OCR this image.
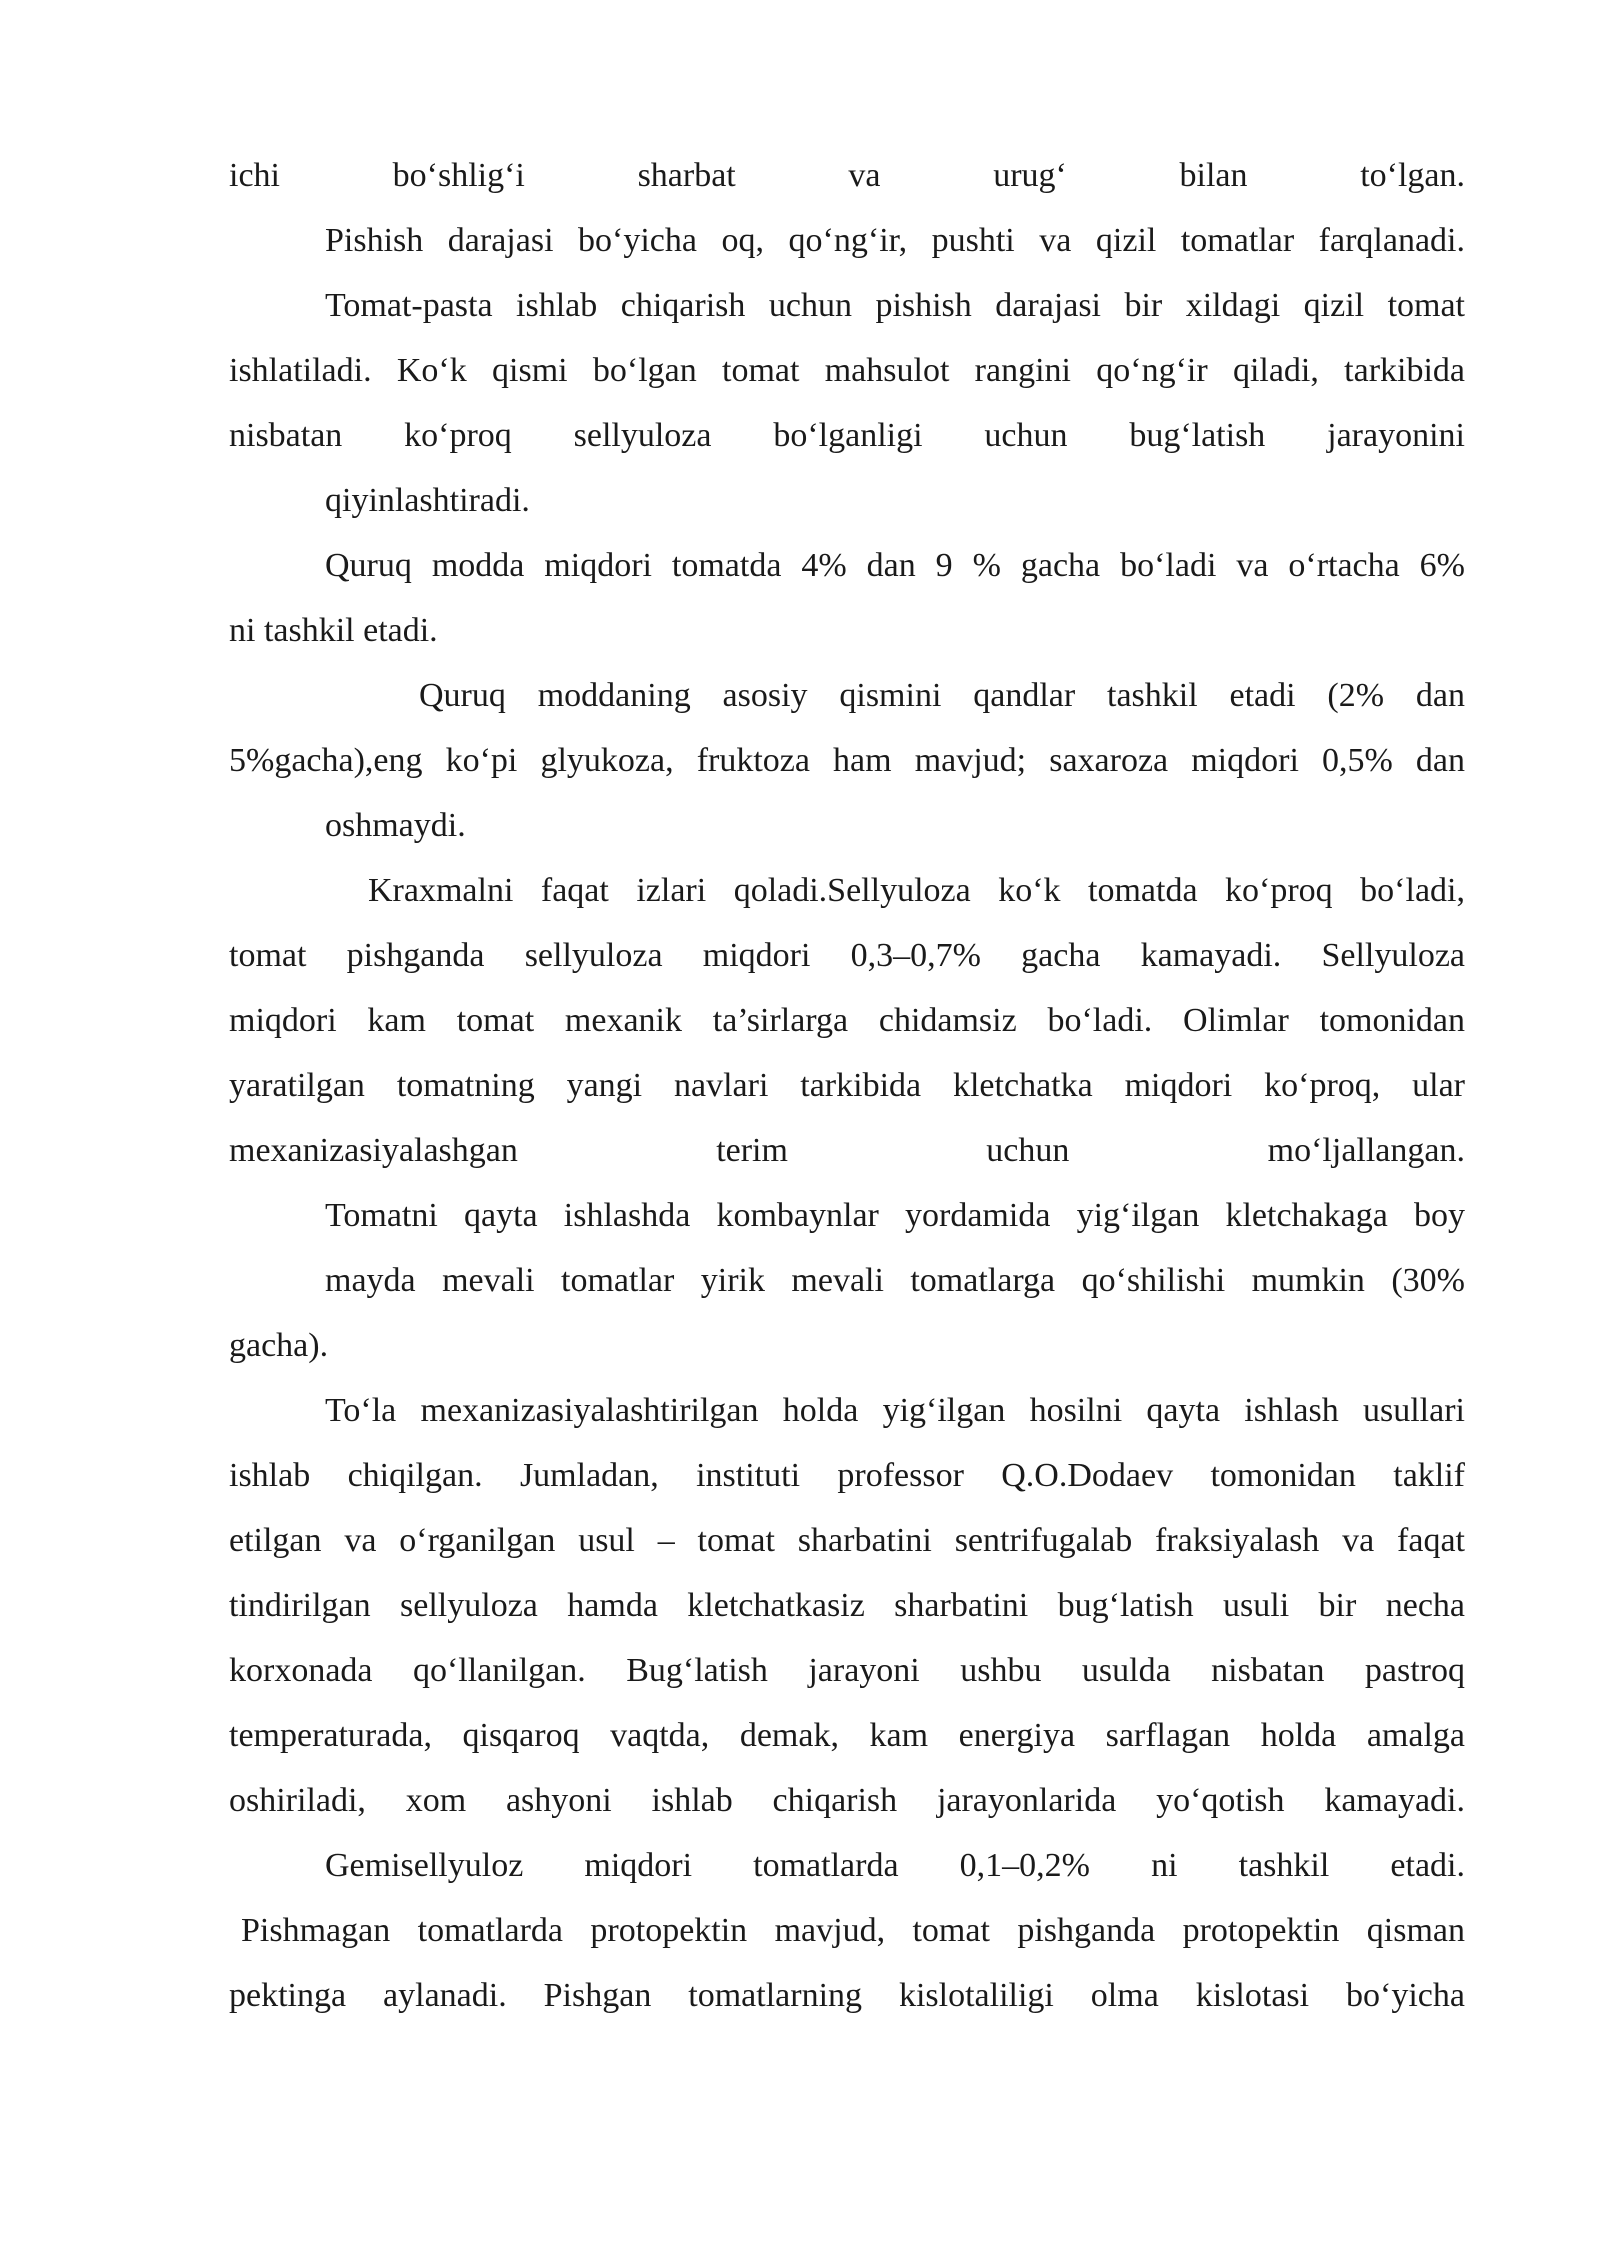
ichi bo‘shlig‘i sharbat va urug‘ bilan to‘lgan.
Pishish darajasi bo‘yicha oq, qo‘ng‘ir, pushti va qizil tomatlar farqlanadi.
Tomat-pasta ishlab chiqarish uchun pishish darajasi bir xildagi qizil tomat
ishlatiladi. Ko‘k qismi bo‘lgan tomat mahsulot rangini qo‘ng‘ir qiladi, tarkibida
nisbatan ko‘proq sellyuloza bo‘lganligi uchun bug‘latish jarayonini
qiyinlashtiradi.
Quruq modda miqdori tomatda 4% dan 9 % gacha bo‘ladi va o‘rtacha 6%
ni tashkil etadi.
Quruq moddaning asosiy qismini qandlar tashkil etadi (2% dan
5%gacha),eng ko‘pi glyukoza, fruktoza ham mavjud; saxaroza miqdori 0,5% dan
oshmaydi.
Kraxmalni faqat izlari qoladi.Sellyuloza ko‘k tomatda ko‘proq bo‘ladi,
tomat pishganda sellyuloza miqdori 0,3–0,7% gacha kamayadi. Sellyuloza
miqdori kam tomat mexanik ta’sirlarga chidamsiz bo‘ladi. Olimlar tomonidan
yaratilgan tomatning yangi navlari tarkibida kletchatka miqdori ko‘proq, ular
mexanizasiyalashgan terim uchun mo‘ljallangan.
Tomatni qayta ishlashda kombaynlar yordamida yig‘ilgan kletchakaga boy
mayda mevali tomatlar yirik mevali tomatlarga qo‘shilishi mumkin (30%
gacha).
To‘la mexanizasiyalashtirilgan holda yig‘ilgan hosilni qayta ishlash usullari
ishlab chiqilgan. Jumladan, instituti professor Q.O.Dodaev tomonidan taklif
etilgan va o‘rganilgan usul – tomat sharbatini sentrifugalab fraksiyalash va faqat
tindirilgan sellyuloza hamda kletchatkasiz sharbatini bug‘latish usuli bir necha
korxonada qo‘llanilgan. Bug‘latish jarayoni ushbu usulda nisbatan pastroq
temperaturada, qisqaroq vaqtda, demak, kam energiya sarflagan holda amalga
oshiriladi, xom ashyoni ishlab chiqarish jarayonlarida yo‘qotish kamayadi.
Gemisellyuloz miqdori tomatlarda 0,1–0,2% ni tashkil etadi.
Pishmagan tomatlarda protopektin mavjud, tomat pishganda protopektin qisman
pektinga aylanadi. Pishgan tomatlarning kislotaliligi olma kislotasi bo‘yicha
